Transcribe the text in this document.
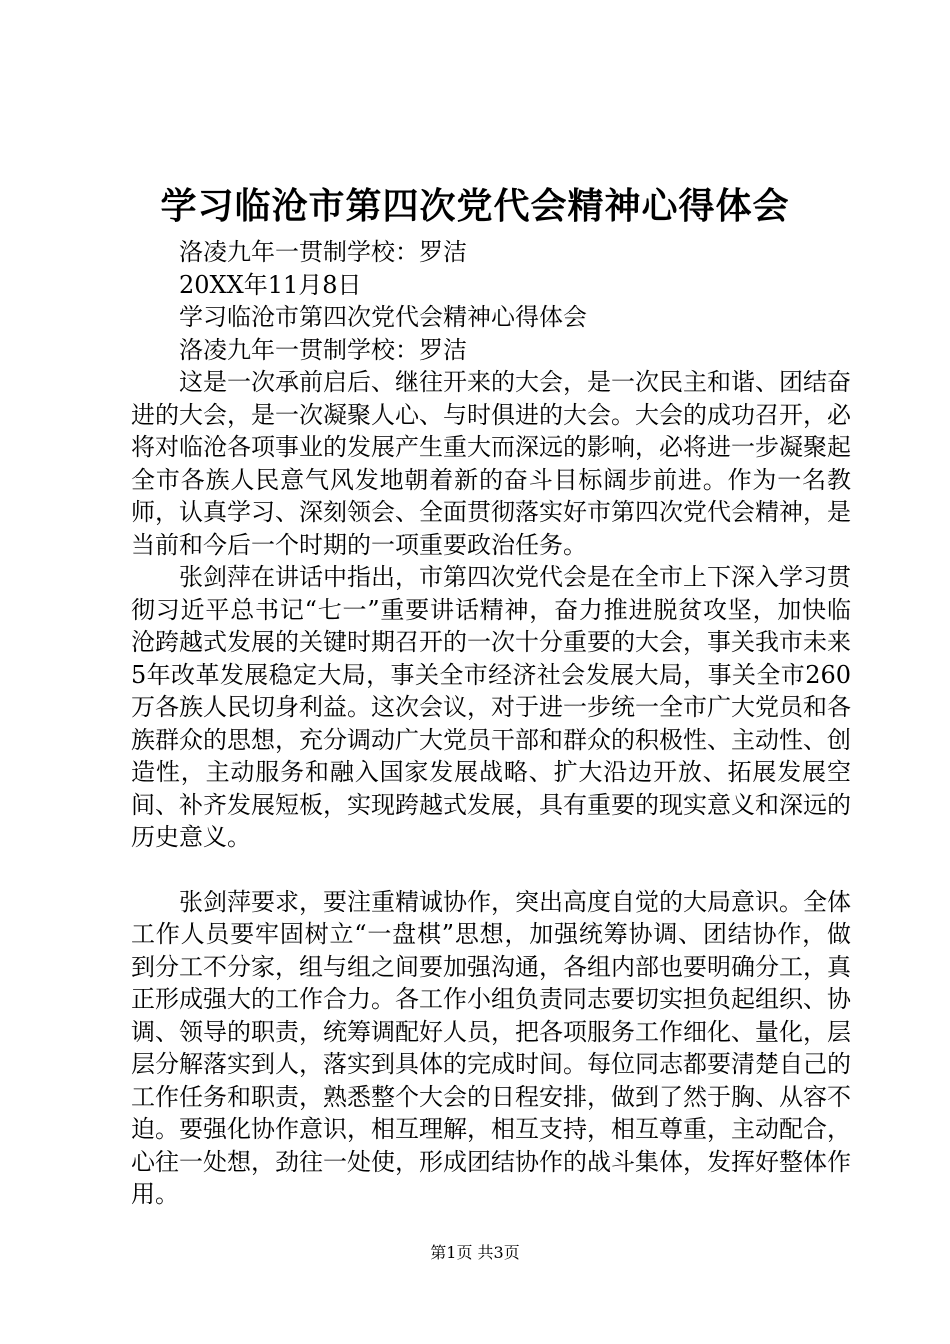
学习临沧市第四次党代会精神心得体会

洛凌九年一贯制学校：罗洁

20XX年11月8日

学习临沧市第四次党代会精神心得体会

洛凌九年一贯制学校：罗洁

这是一次承前启后、继往开来的大会，是一次民主和谐、团结奋进的大会，是一次凝聚人心、与时俱进的大会。大会的成功召开，必将对临沧各项事业的发展产生重大而深远的影响，必将进一步凝聚起全市各族人民意气风发地朝着新的奋斗目标阔步前进。作为一名教师，认真学习、深刻领会、全面贯彻落实好市第四次党代会精神，是当前和今后一个时期的一项重要政治任务。

张剑萍在讲话中指出，市第四次党代会是在全市上下深入学习贯彻习近平总书记“七一”重要讲话精神，奋力推进脱贫攻坚，加快临沧跨越式发展的关键时期召开的一次十分重要的大会，事关我市未来5年改革发展稳定大局，事关全市经济社会发展大局，事关全市260万各族人民切身利益。这次会议，对于进一步统一全市广大党员和各族群众的思想，充分调动广大党员干部和群众的积极性、主动性、创造性，主动服务和融入国家发展战略、扩大沿边开放、拓展发展空间、补齐发展短板，实现跨越式发展，具有重要的现实意义和深远的历史意义。

张剑萍要求，要注重精诚协作，突出高度自觉的大局意识。全体工作人员要牢固树立“一盘棋”思想，加强统筹协调、团结协作，做到分工不分家，组与组之间要加强沟通，各组内部也要明确分工，真正形成强大的工作合力。各工作小组负责同志要切实担负起组织、协调、领导的职责，统筹调配好人员，把各项服务工作细化、量化，层层分解落实到人，落实到具体的完成时间。每位同志都要清楚自己的工作任务和职责，熟悉整个大会的日程安排，做到了然于胸、从容不迫。要强化协作意识，相互理解，相互支持，相互尊重，主动配合，心往一处想，劲往一处使，形成团结协作的战斗集体，发挥好整体作用。

第1页 共3页
